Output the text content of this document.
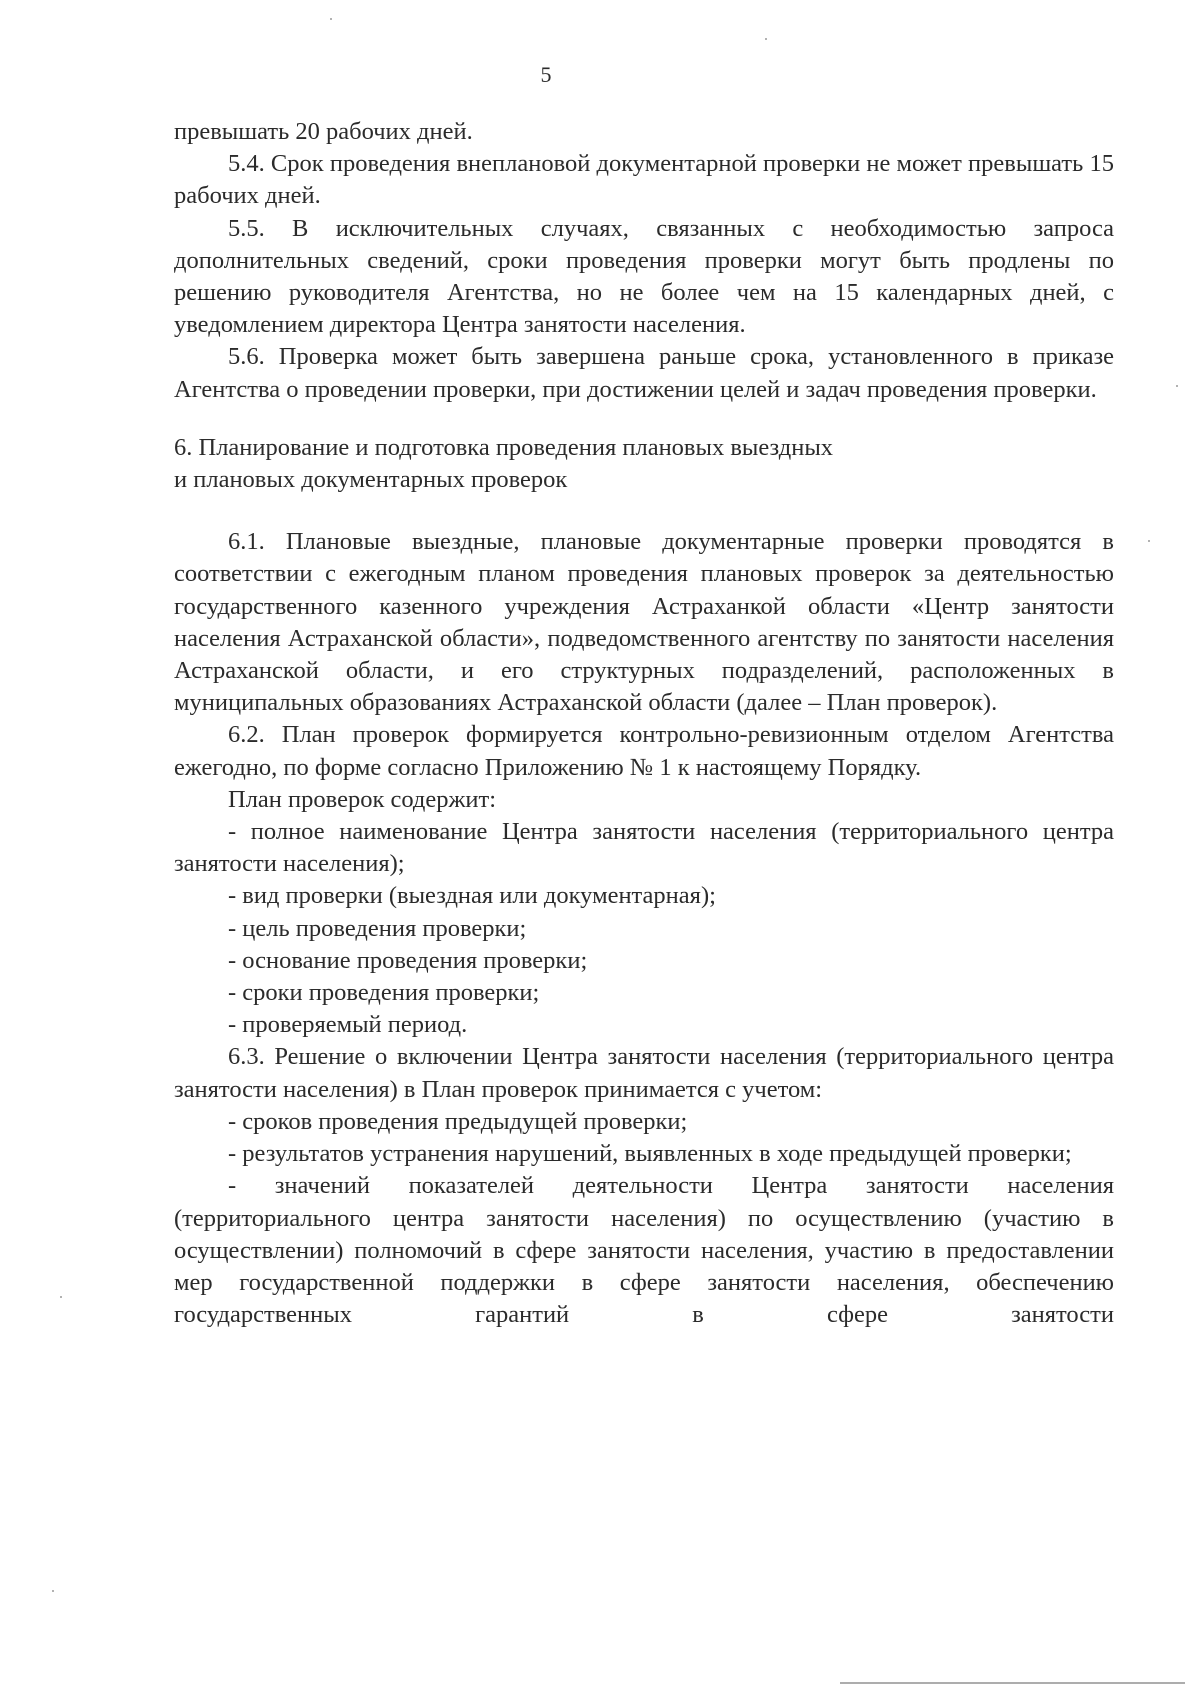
5

превышать 20 рабочих дней.

5.4. Срок проведения внеплановой документарной проверки не может превышать 15 рабочих дней.

5.5. В исключительных случаях, связанных с необходимостью запроса дополнительных сведений, сроки проведения проверки могут быть продлены по решению руководителя Агентства, но не более чем на 15 календарных дней, с уведомлением директора Центра занятости населения.

5.6. Проверка может быть завершена раньше срока, установленного в приказе Агентства о проведении проверки, при достижении целей и задач проведения проверки.

6. Планирование и подготовка проведения плановых выездных

и плановых документарных проверок

6.1. Плановые выездные, плановые документарные проверки проводятся в соответствии с ежегодным планом проведения плановых проверок за деятельностью государственного казенного учреждения Астраханкой области «Центр занятости населения Астраханской области», подведомственного агентству по занятости населения Астраханской области, и его структурных подразделений, расположенных в муниципальных образованиях Астраханской области (далее – План проверок).

6.2. План проверок формируется контрольно-ревизионным отделом Агентства ежегодно, по форме согласно Приложению № 1 к настоящему Порядку.

План проверок содержит:

- полное наименование Центра занятости населения (территориального центра занятости населения);

- вид проверки (выездная или документарная);

- цель проведения проверки;

- основание проведения проверки;

- сроки проведения проверки;

- проверяемый период.

6.3. Решение о включении Центра занятости населения (территориального центра занятости населения) в План проверок принимается с учетом:

- сроков проведения предыдущей проверки;

- результатов устранения нарушений, выявленных в ходе предыдущей проверки;

- значений показателей деятельности Центра занятости населения (территориального центра занятости населения) по осуществлению (участию в осуществлении) полномочий в сфере занятости населения, участию в предоставлении мер государственной поддержки в сфере занятости населения, обеспечению государственных гарантий в сфере занятости
